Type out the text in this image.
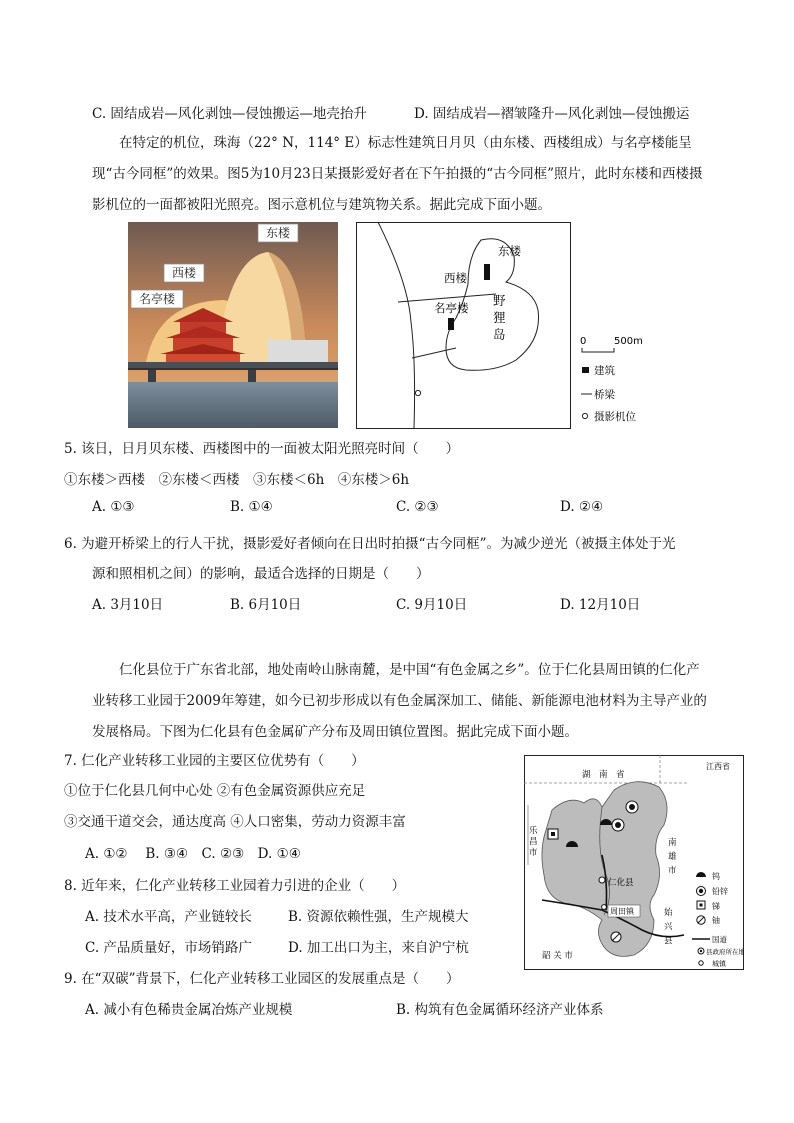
C. 固结成岩—风化剥蚀—侵蚀搬运—地壳抬升	D. 固结成岩—褶皱隆升—风化剥蚀—侵蚀搬运
在特定的机位，珠海（22° N，114° E）标志性建筑日月贝（由东楼、西楼组成）与名亭楼能呈现“古今同框”的效果。图5为10月23日某摄影爱好者在下午拍摄的“古今同框”照片，此时东楼和西楼摄影机位的一面都被阳光照亮。图示意机位与建筑物关系。据此完成下面小题。
东楼
西楼
名亭楼
东楼
西楼
名亭楼 野
狸
岛	0	500m
建筑
桥梁
摄影机位
5. 该日，日月贝东楼、西楼图中的一面被太阳光照亮时间（　　）
①东楼＞西楼　②东楼＜西楼　③东楼＜6h　④东楼＞6h
A. ①③	B. ①④	C. ②③	D. ②④
6. 为避开桥梁上的行人干扰，摄影爱好者倾向在日出时拍摄“古今同框”。为减少逆光（被摄主体处于光
源和照相机之间）的影响，最适合选择的日期是（　　）
A. 3月10日	B. 6月10日	C. 9月10日	D. 12月10日
仁化县位于广东省北部，地处南岭山脉南麓，是中国“有色金属之乡”。位于仁化县周田镇的仁化产业转移工业园于2009年筹建，如今已初步形成以有色金属深加工、储能、新能源电池材料为主导产业的发展格局。下图为仁化县有色金属矿产分布及周田镇位置图。据此完成下面小题。
7. 仁化产业转移工业园的主要区位优势有（　　）
①位于仁化县几何中心处 ②有色金属资源供应充足
③交通干道交会，通达度高 ④人口密集，劳动力资源丰富
A. ①②　 B. ③④　C. ②③　D. ①④
8. 近年来，仁化产业转移工业园着力引进的企业（　　）
A. 技术水平高，产业链较长	B. 资源依赖性强，生产规模大
C. 产品质量好，市场销路广	D. 加工出口为主，来自沪宁杭
9. 在“双碳”背景下，仁化产业转移工业园区的发展重点是（　　）
A. 减小有色稀贵金属冶炼产业规模	B. 构筑有色金属循环经济产业体系
湖　南　省
江西省
乐
昌
市
南
雄
市
始
兴
县
韶 关 市
仁化县
周田镇
钨
铅锌
锑
铀
国道
县政府所在地
城镇
